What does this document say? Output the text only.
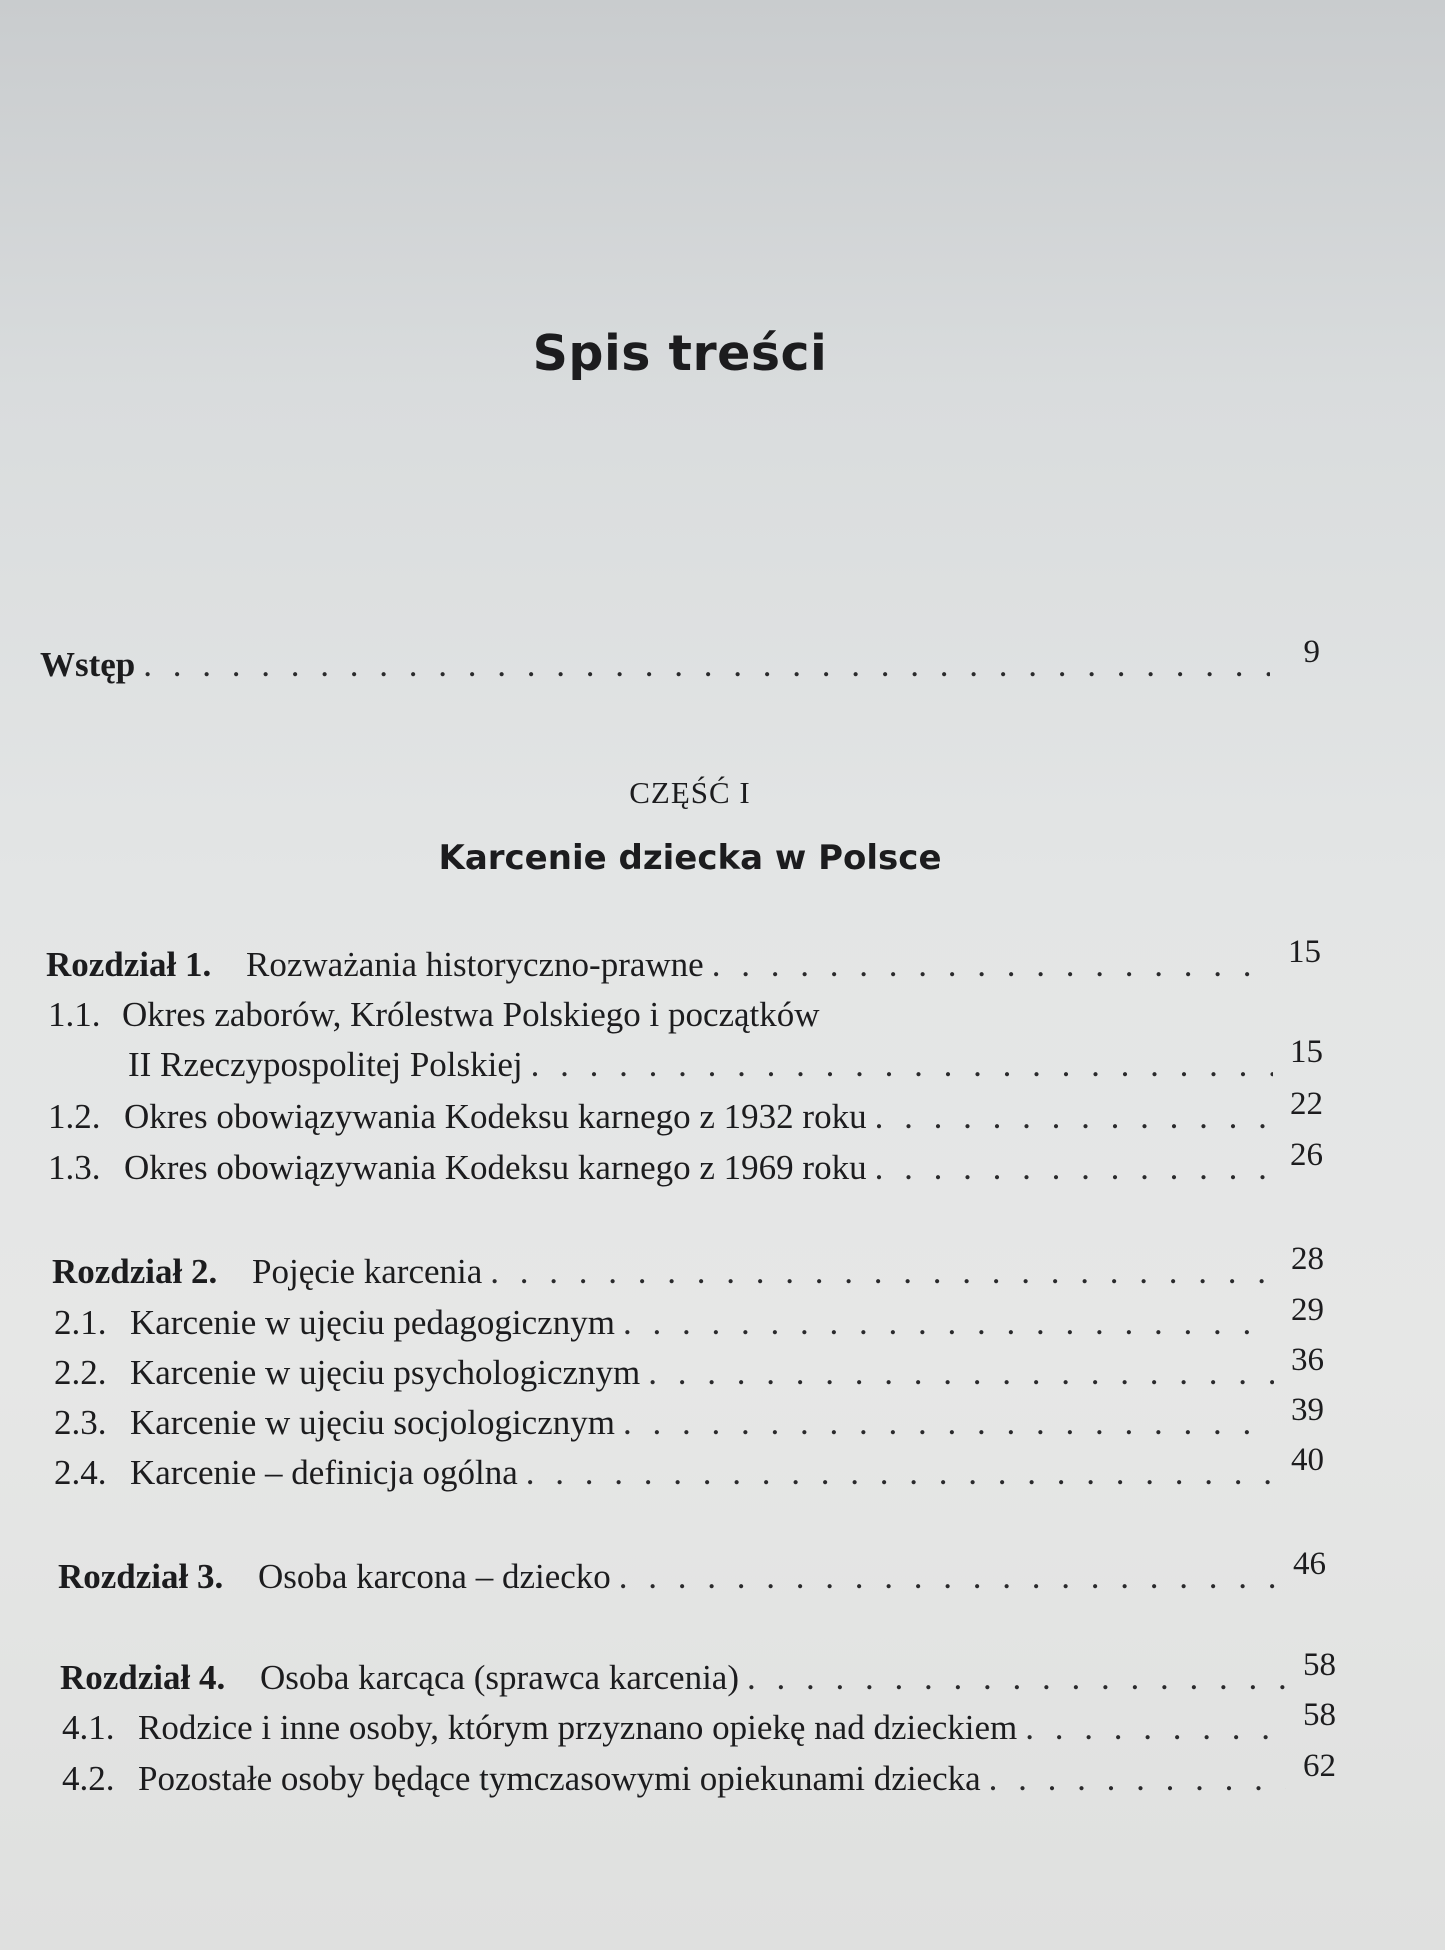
Spis treści
Wstęp . . .	9
CZĘŚĆ I
Karcenie dziecka w Polsce
Rozdział 1. Rozważania historyczno-prawne . . .	15
1.1. Okres zaborów, Królestwa Polskiego i początków
II Rzeczypospolitej Polskiej . . .	15
1.2. Okres obowiązywania Kodeksu karnego z 1932 roku . . .	22
1.3. Okres obowiązywania Kodeksu karnego z 1969 roku . . .	26
Rozdział 2. Pojęcie karcenia . . .	28
2.1. Karcenie w ujęciu pedagogicznym . . .	29
2.2. Karcenie w ujęciu psychologicznym . . .	36
2.3. Karcenie w ujęciu socjologicznym . . .	39
2.4. Karcenie – definicja ogólna . . .	40
Rozdział 3. Osoba karcona – dziecko . . .	46
Rozdział 4. Osoba karcąca (sprawca karcenia) . . .	58
4.1. Rodzice i inne osoby, którym przyznano opiekę nad dzieckiem . . .	58
4.2. Pozostałe osoby będące tymczasowymi opiekunami dziecka . . .	62
